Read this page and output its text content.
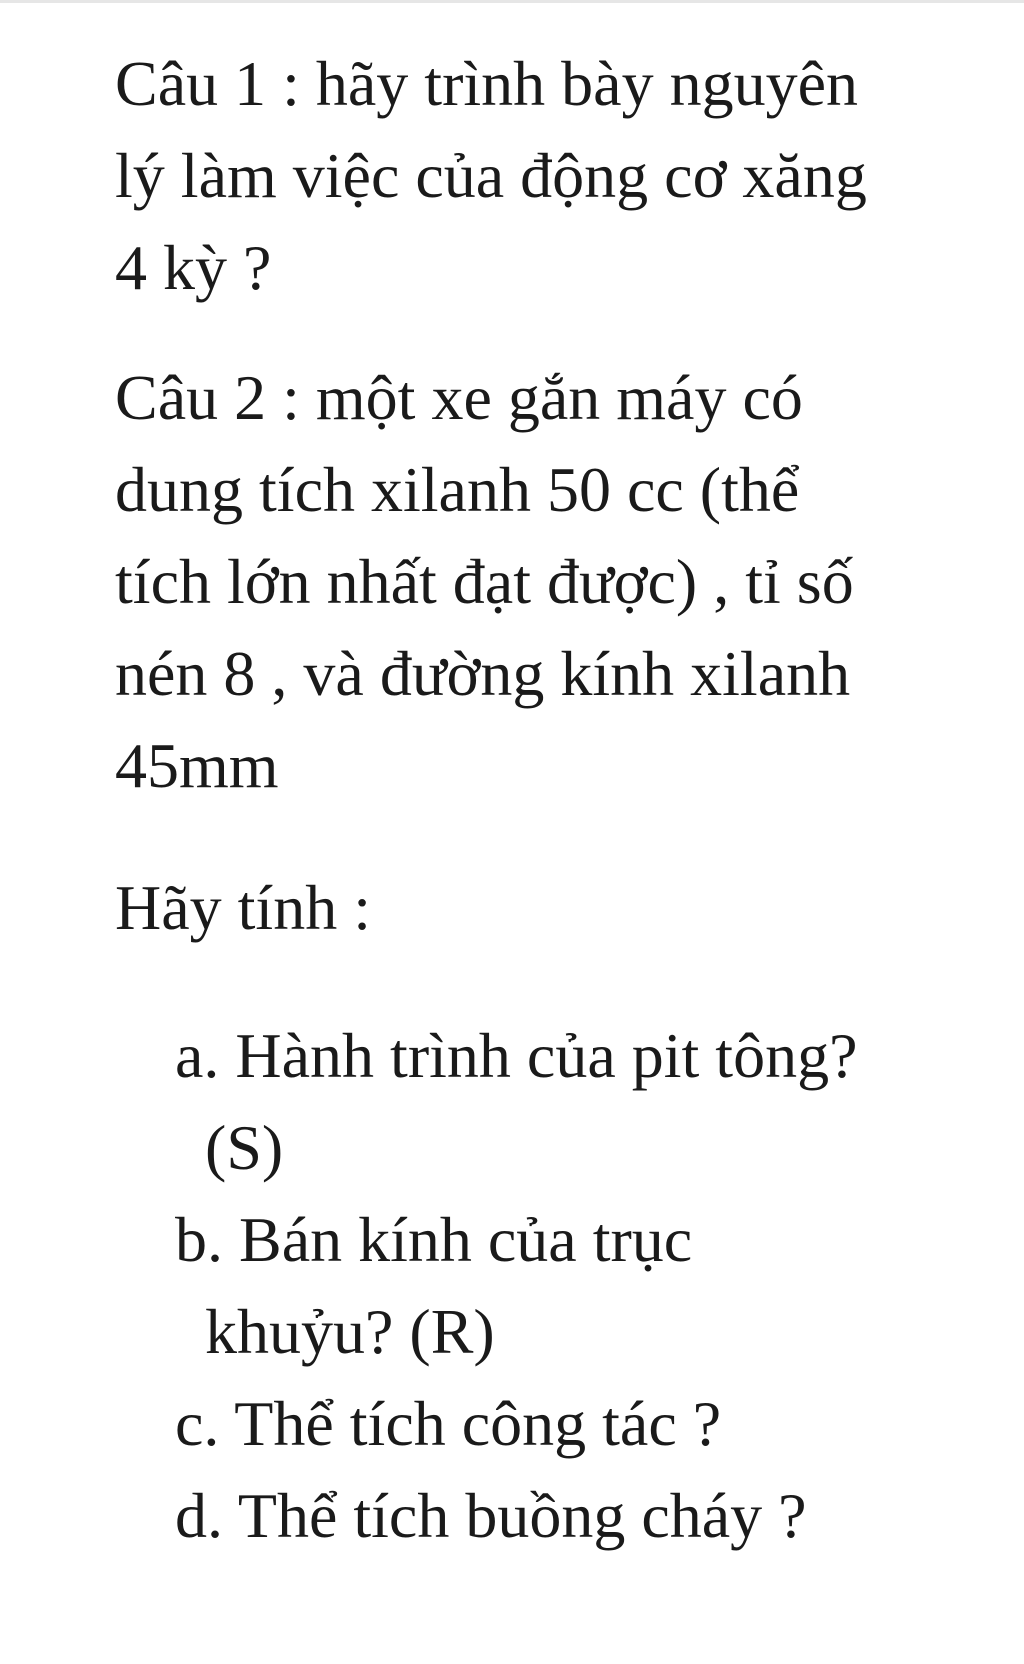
Câu 1 : hãy trình bày nguyên
lý làm việc của động cơ xăng
4 kỳ ?

Câu 2 : một xe gắn máy có
dung tích xilanh 50 cc (thể
tích lớn nhất đạt được) , tỉ số
nén 8 , và đường kính xilanh
45mm

Hãy tính :

a. Hành trình của pit tông?
(S)
b. Bán kính của trục
khuỷu? (R)
c. Thể tích công tác ?
d. Thể tích buồng cháy ?
